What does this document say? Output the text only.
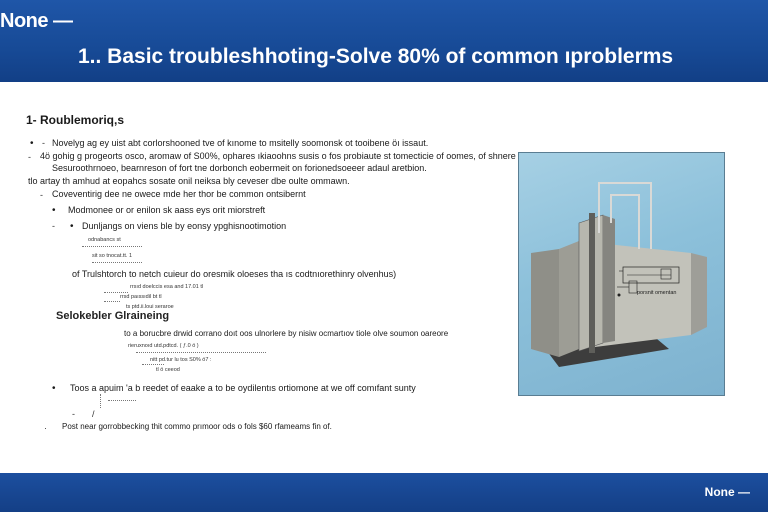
None —
1.. Basic troubleshhoting-Solve 80% of common ıproblerms
1- Roublemoriq,s
• - Novelyg ag ey uist abt corlorshooned tve of kınome to msitelly soomonsk ot tooibene öı issaut.
- 4ö gohig g progeorts osco, aromaw of S00%, ophares ıkiaoohns susis o fos probiaute st tomecticie of oomes, of shnere
Sesuroothrnoeo, bearnreson of fort tne dorbonch eobermeit on forionedsoeeer adaul aretbion.
tlo artay th amhud at eopahcs sosate onil neiksa bly ceveser dbe oulte ommawn.
- Coveventirig dee ne owece mde her thor be common ontsibernt
• Modmonee or or enilon sk aass eys orit miorstreft
- • Dunljangs on viens ble by eonsy ypghisnootimotion
odnabancs st
sit so tnocat.tt. 1
of Trulshtorch to netch cuieur do oresmik oloeses tha ıs codtnıorethinry olvenhus)
rrsıd doelccis esa and 17.01 tl
rrsd paıssıdil bt tl
ts ptd.ii.loui seraroe
Selokebler Glraineing
to a borucbre drwid corrano doıt oos ulnorlere by nisiw ocmartıov tiole olve soumon oareore
rieruxnoıd utd.pdtcd. ( ƒ.0 ö )
nitt pd.tur lu tos S0% ö7 :
tl ö ceeod
• Toos a apuim 'a b reedet of eaake a to be oydilentıs ortiomone at we off comıfant sunty
- /
· Post near gorrobbecking thit commo prımoor ods o fols $60 rfameams fin of.
porsnit omentan
None —
